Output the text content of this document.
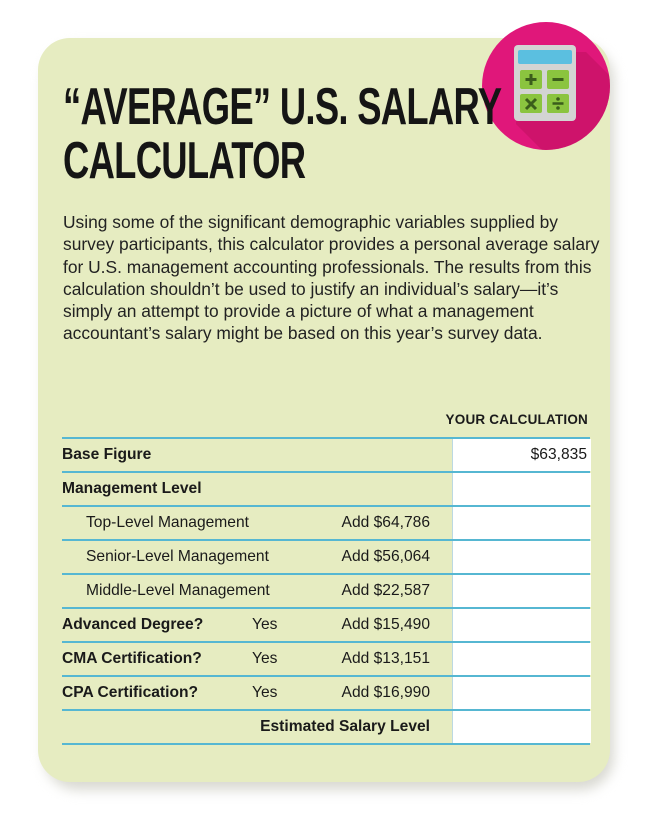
“AVERAGE” U.S. SALARY
CALCULATOR

Using some of the significant demographic variables supplied by survey participants, this calculator provides a personal average salary for U.S. management accounting professionals. The results from this calculation shouldn’t be used to justify an individual’s salary—it’s simply an attempt to provide a picture of what a management accountant’s salary might be based on this year’s survey data.

YOUR CALCULATION
Base Figure	$63,835
Management Level
Top-Level Management	Add $64,786
Senior-Level Management	Add $56,064
Middle-Level Management	Add $22,587
Advanced Degree?	Yes	Add $15,490
CMA Certification?	Yes	Add $13,151
CPA Certification?	Yes	Add $16,990
Estimated Salary Level
